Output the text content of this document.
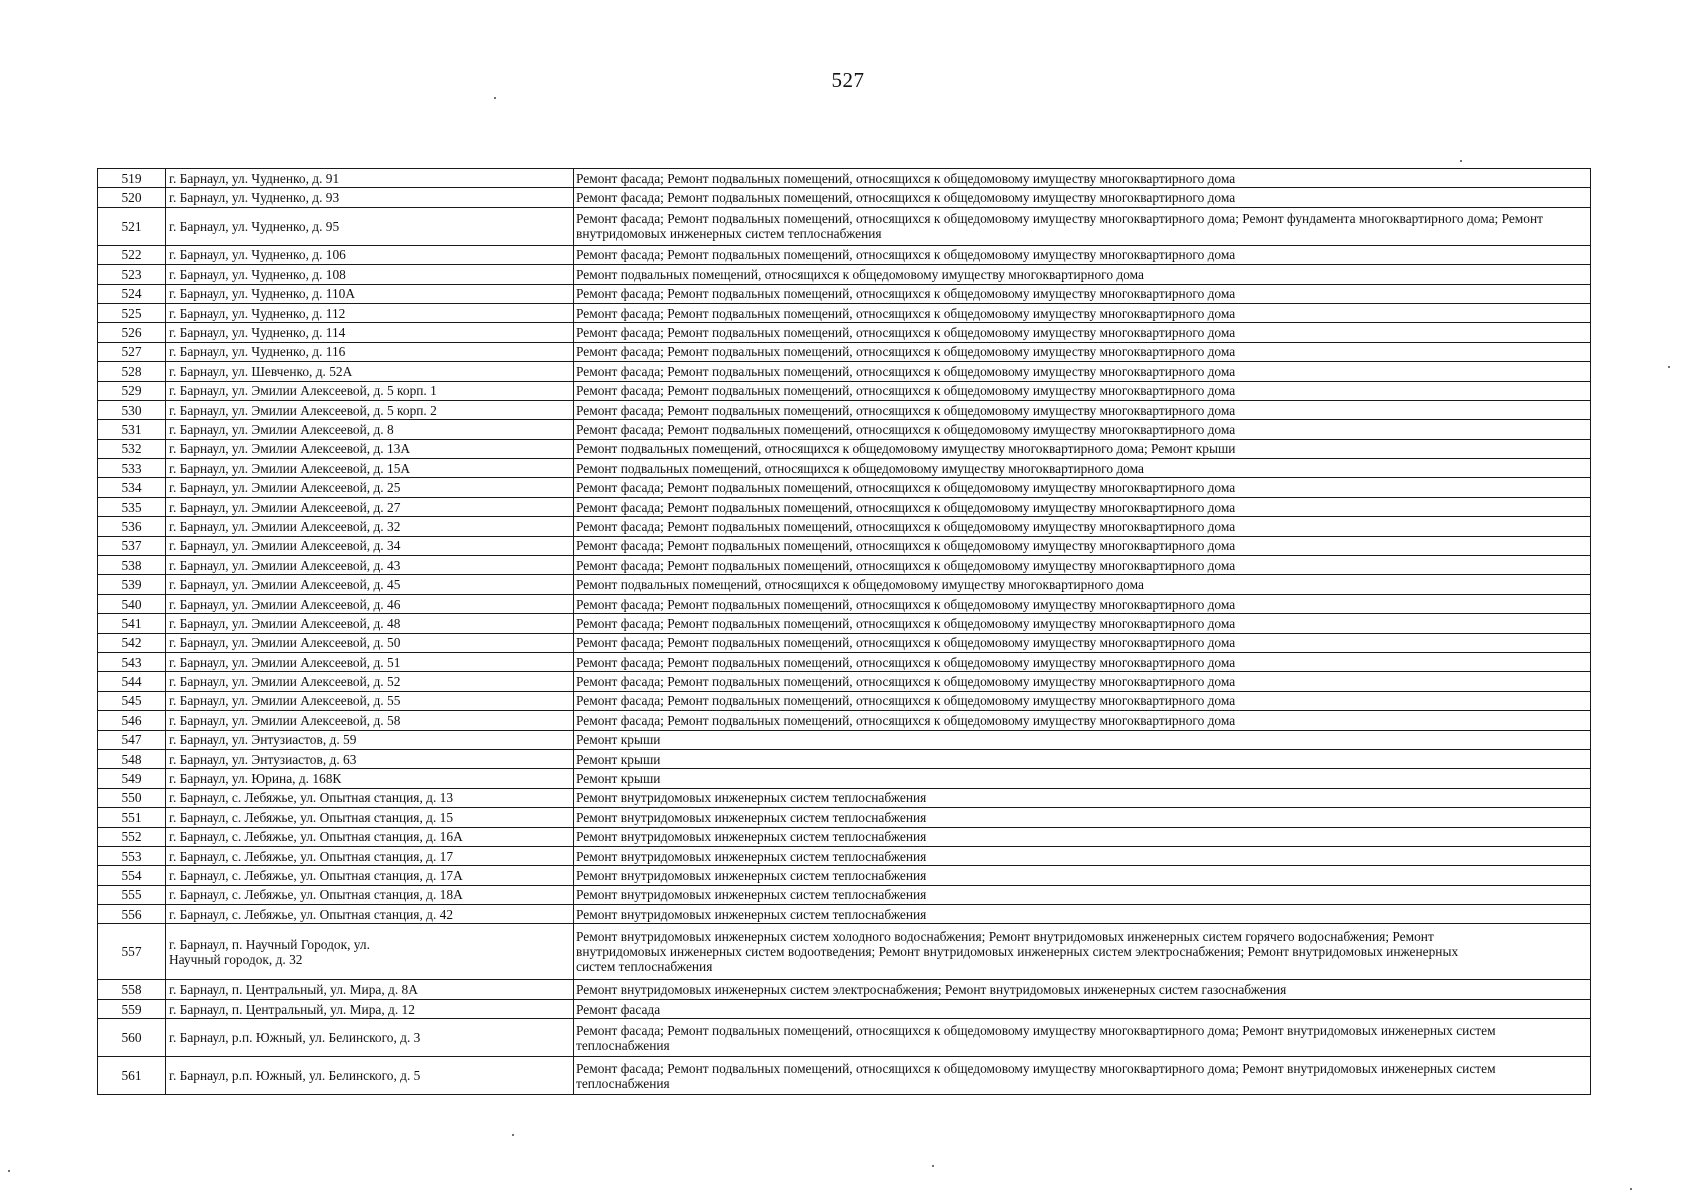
527
519	г. Барнаул, ул. Чудненко, д. 91	Ремонт фасада; Ремонт подвальных помещений, относящихся к общедомовому имуществу многоквартирного дома
520	г. Барнаул, ул. Чудненко, д. 93	Ремонт фасада; Ремонт подвальных помещений, относящихся к общедомовому имуществу многоквартирного дома
521	г. Барнаул, ул. Чудненко, д. 95	Ремонт фасада; Ремонт подвальных помещений, относящихся к общедомовому имуществу многоквартирного дома; Ремонт фундамента многоквартирного дома; Ремонт внутридомовых инженерных систем теплоснабжения
522	г. Барнаул, ул. Чудненко, д. 106	Ремонт фасада; Ремонт подвальных помещений, относящихся к общедомовому имуществу многоквартирного дома
523	г. Барнаул, ул. Чудненко, д. 108	Ремонт подвальных помещений, относящихся к общедомовому имуществу многоквартирного дома
524	г. Барнаул, ул. Чудненко, д. 110А	Ремонт фасада; Ремонт подвальных помещений, относящихся к общедомовому имуществу многоквартирного дома
525	г. Барнаул, ул. Чудненко, д. 112	Ремонт фасада; Ремонт подвальных помещений, относящихся к общедомовому имуществу многоквартирного дома
526	г. Барнаул, ул. Чудненко, д. 114	Ремонт фасада; Ремонт подвальных помещений, относящихся к общедомовому имуществу многоквартирного дома
527	г. Барнаул, ул. Чудненко, д. 116	Ремонт фасада; Ремонт подвальных помещений, относящихся к общедомовому имуществу многоквартирного дома
528	г. Барнаул, ул. Шевченко, д. 52А	Ремонт фасада; Ремонт подвальных помещений, относящихся к общедомовому имуществу многоквартирного дома
529	г. Барнаул, ул. Эмилии Алексеевой, д. 5 корп. 1	Ремонт фасада; Ремонт подвальных помещений, относящихся к общедомовому имуществу многоквартирного дома
530	г. Барнаул, ул. Эмилии Алексеевой, д. 5 корп. 2	Ремонт фасада; Ремонт подвальных помещений, относящихся к общедомовому имуществу многоквартирного дома
531	г. Барнаул, ул. Эмилии Алексеевой, д. 8	Ремонт фасада; Ремонт подвальных помещений, относящихся к общедомовому имуществу многоквартирного дома
532	г. Барнаул, ул. Эмилии Алексеевой, д. 13А	Ремонт подвальных помещений, относящихся к общедомовому имуществу многоквартирного дома; Ремонт крыши
533	г. Барнаул, ул. Эмилии Алексеевой, д. 15А	Ремонт подвальных помещений, относящихся к общедомовому имуществу многоквартирного дома
534	г. Барнаул, ул. Эмилии Алексеевой, д. 25	Ремонт фасада; Ремонт подвальных помещений, относящихся к общедомовому имуществу многоквартирного дома
535	г. Барнаул, ул. Эмилии Алексеевой, д. 27	Ремонт фасада; Ремонт подвальных помещений, относящихся к общедомовому имуществу многоквартирного дома
536	г. Барнаул, ул. Эмилии Алексеевой, д. 32	Ремонт фасада; Ремонт подвальных помещений, относящихся к общедомовому имуществу многоквартирного дома
537	г. Барнаул, ул. Эмилии Алексеевой, д. 34	Ремонт фасада; Ремонт подвальных помещений, относящихся к общедомовому имуществу многоквартирного дома
538	г. Барнаул, ул. Эмилии Алексеевой, д. 43	Ремонт фасада; Ремонт подвальных помещений, относящихся к общедомовому имуществу многоквартирного дома
539	г. Барнаул, ул. Эмилии Алексеевой, д. 45	Ремонт подвальных помещений, относящихся к общедомовому имуществу многоквартирного дома
540	г. Барнаул, ул. Эмилии Алексеевой, д. 46	Ремонт фасада; Ремонт подвальных помещений, относящихся к общедомовому имуществу многоквартирного дома
541	г. Барнаул, ул. Эмилии Алексеевой, д. 48	Ремонт фасада; Ремонт подвальных помещений, относящихся к общедомовому имуществу многоквартирного дома
542	г. Барнаул, ул. Эмилии Алексеевой, д. 50	Ремонт фасада; Ремонт подвальных помещений, относящихся к общедомовому имуществу многоквартирного дома
543	г. Барнаул, ул. Эмилии Алексеевой, д. 51	Ремонт фасада; Ремонт подвальных помещений, относящихся к общедомовому имуществу многоквартирного дома
544	г. Барнаул, ул. Эмилии Алексеевой, д. 52	Ремонт фасада; Ремонт подвальных помещений, относящихся к общедомовому имуществу многоквартирного дома
545	г. Барнаул, ул. Эмилии Алексеевой, д. 55	Ремонт фасада; Ремонт подвальных помещений, относящихся к общедомовому имуществу многоквартирного дома
546	г. Барнаул, ул. Эмилии Алексеевой, д. 58	Ремонт фасада; Ремонт подвальных помещений, относящихся к общедомовому имуществу многоквартирного дома
547	г. Барнаул, ул. Энтузиастов, д. 59	Ремонт крыши
548	г. Барнаул, ул. Энтузиастов, д. 63	Ремонт крыши
549	г. Барнаул, ул. Юрина, д. 168К	Ремонт крыши
550	г. Барнаул, с. Лебяжье, ул. Опытная станция, д. 13	Ремонт внутридомовых инженерных систем теплоснабжения
551	г. Барнаул, с. Лебяжье, ул. Опытная станция, д. 15	Ремонт внутридомовых инженерных систем теплоснабжения
552	г. Барнаул, с. Лебяжье, ул. Опытная станция, д. 16А	Ремонт внутридомовых инженерных систем теплоснабжения
553	г. Барнаул, с. Лебяжье, ул. Опытная станция, д. 17	Ремонт внутридомовых инженерных систем теплоснабжения
554	г. Барнаул, с. Лебяжье, ул. Опытная станция, д. 17А	Ремонт внутридомовых инженерных систем теплоснабжения
555	г. Барнаул, с. Лебяжье, ул. Опытная станция, д. 18А	Ремонт внутридомовых инженерных систем теплоснабжения
556	г. Барнаул, с. Лебяжье, ул. Опытная станция, д. 42	Ремонт внутридомовых инженерных систем теплоснабжения
557	г. Барнаул, п. Научный Городок, ул. Научный городок, д. 32	Ремонт внутридомовых инженерных систем холодного водоснабжения; Ремонт внутридомовых инженерных систем горячего водоснабжения; Ремонт внутридомовых инженерных систем водоотведения; Ремонт внутридомовых инженерных систем электроснабжения; Ремонт внутридомовых инженерных систем теплоснабжения
558	г. Барнаул, п. Центральный, ул. Мира, д. 8А	Ремонт внутридомовых инженерных систем электроснабжения; Ремонт внутридомовых инженерных систем газоснабжения
559	г. Барнаул, п. Центральный, ул. Мира, д. 12	Ремонт фасада
560	г. Барнаул, р.п. Южный, ул. Белинского, д. 3	Ремонт фасада; Ремонт подвальных помещений, относящихся к общедомовому имуществу многоквартирного дома; Ремонт внутридомовых инженерных систем теплоснабжения
561	г. Барнаул, р.п. Южный, ул. Белинского, д. 5	Ремонт фасада; Ремонт подвальных помещений, относящихся к общедомовому имуществу многоквартирного дома; Ремонт внутридомовых инженерных систем теплоснабжения
